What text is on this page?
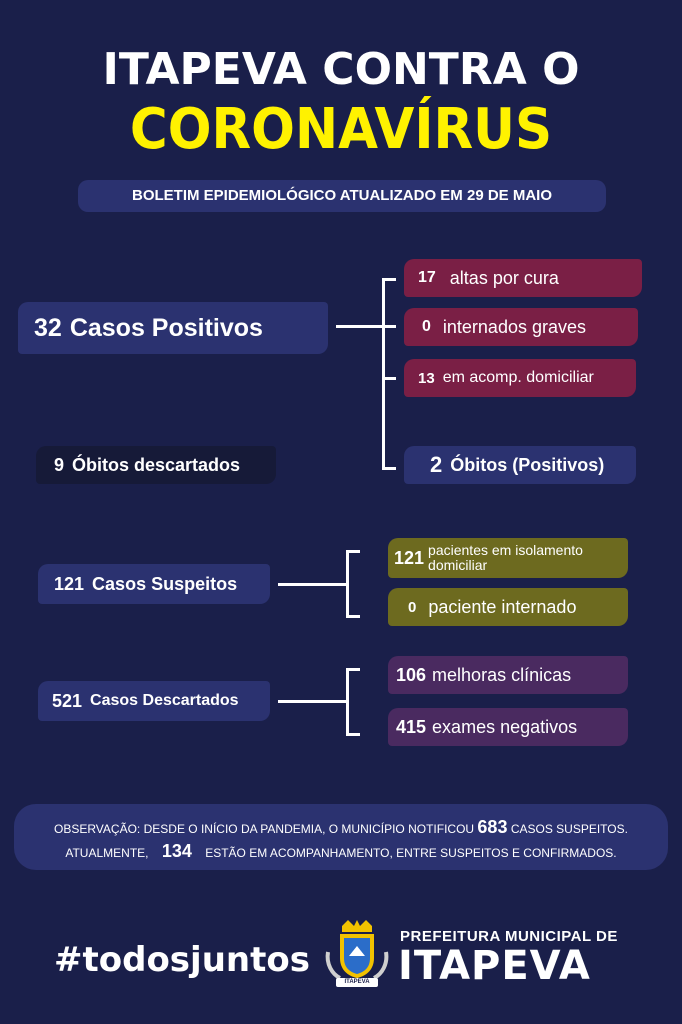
ITAPEVA CONTRA O
CORONAVÍRUS
BOLETIM EPIDEMIOLÓGICO ATUALIZADO EM 29 DE MAIO
32 Casos Positivos
17 altas por cura
0 internados graves
13 em acomp. domiciliar
9 Óbitos descartados	2 Óbitos (Positivos)
121 Casos Suspeitos
121 pacientes em isolamento domiciliar
0 paciente internado
521 Casos Descartados
106 melhoras clínicas
415 exames negativos
OBSERVAÇÃO: DESDE O INÍCIO DA PANDEMIA, O MUNICÍPIO NOTIFICOU 683 CASOS SUSPEITOS.
ATUALMENTE, 134 ESTÃO EM ACOMPANHAMENTO, ENTRE SUSPEITOS E CONFIRMADOS.
#todosjuntos
ITAPEVA
PREFEITURA MUNICIPAL DE
ITAPEVA
